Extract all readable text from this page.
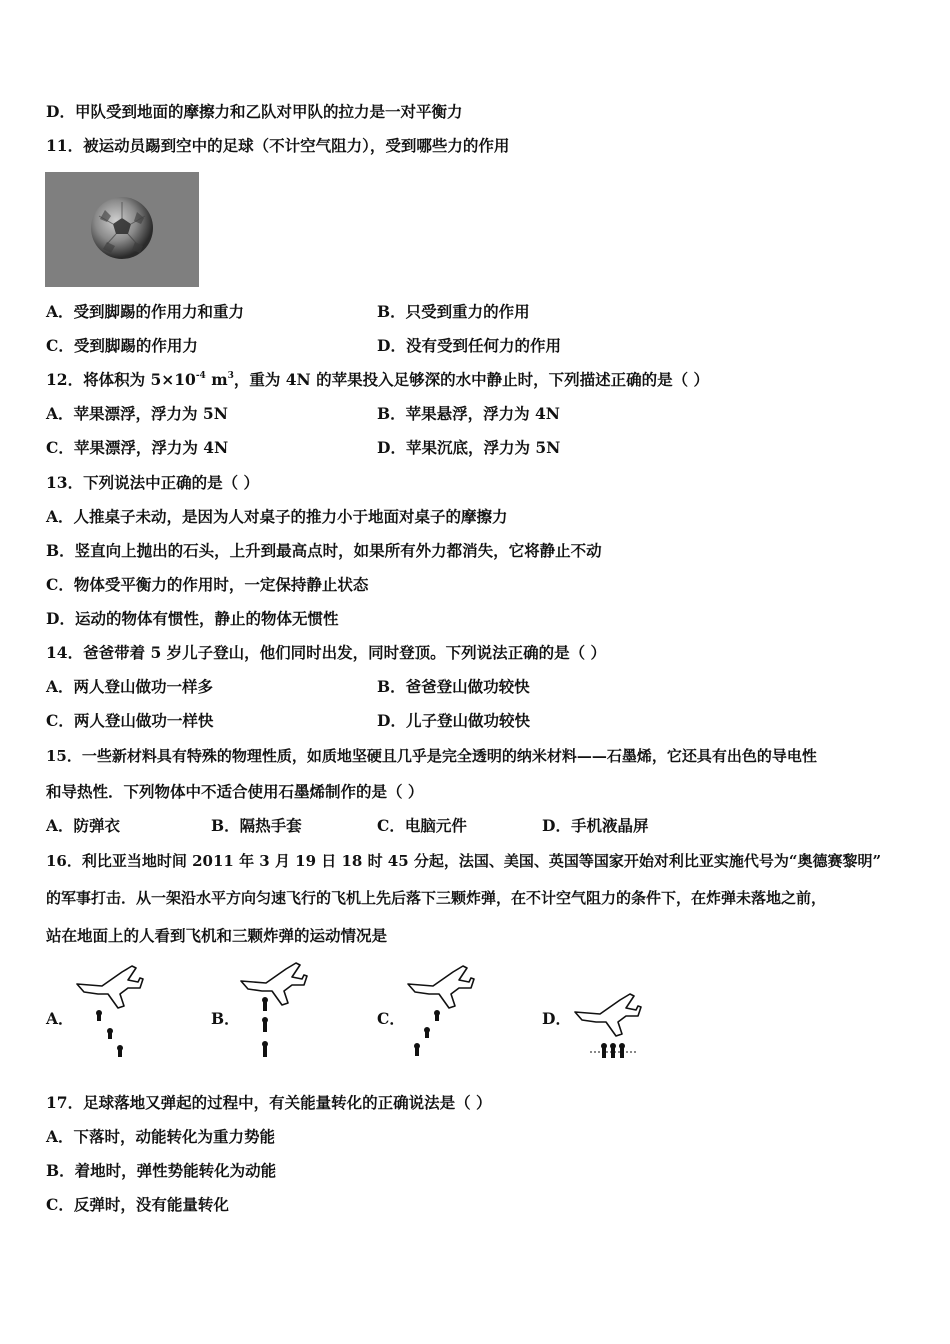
D．甲队受到地面的摩擦力和乙队对甲队的拉力是一对平衡力
11．被运动员踢到空中的足球（不计空气阻力），受到哪些力的作用
A．受到脚踢的作用力和重力	B．只受到重力的作用
C．受到脚踢的作用力	D．没有受到任何力的作用
12．将体积为 $5\times 10^{-4}$ $m^3$，重为 4N 的苹果投入足够深的水中静止时，下列描述正确的是（ ）
A．苹果漂浮，浮力为 5N	B．苹果悬浮，浮力为 4N
C．苹果漂浮，浮力为 4N	D．苹果沉底，浮力为 5N
13．下列说法中正确的是（ ）
A．人推桌子未动，是因为人对桌子的推力小于地面对桌子的摩擦力
B．竖直向上抛出的石头，上升到最高点时，如果所有外力都消失，它将静止不动
C．物体受平衡力的作用时，一定保持静止状态
D．运动的物体有惯性，静止的物体无惯性
14．爸爸带着 5 岁儿子登山，他们同时出发，同时登顶。下列说法正确的是（ ）
A．两人登山做功一样多	B．爸爸登山做功较快
C．两人登山做功一样快	D．儿子登山做功较快
15．一些新材料具有特殊的物理性质，如质地坚硬且几乎是完全透明的纳米材料——石墨烯，它还具有出色的导电性
和导热性．下列物体中不适合使用石墨烯制作的是（ ）
A．防弹衣	B．隔热手套	C．电脑元件	D．手机液晶屏
16．利比亚当地时间 2011 年 3 月 19 日 18 时 45 分起，法国、美国、英国等国家开始对利比亚实施代号为“奥德赛黎明”
的军事打击．从一架沿水平方向匀速飞行的飞机上先后落下三颗炸弹，在不计空气阻力的条件下，在炸弹未落地之前，
站在地面上的人看到飞机和三颗炸弹的运动情况是
A．	B．	C．	D．
17．足球落地又弹起的过程中，有关能量转化的正确说法是（ ）
A．下落时，动能转化为重力势能
B．着地时，弹性势能转化为动能
C．反弹时，没有能量转化
